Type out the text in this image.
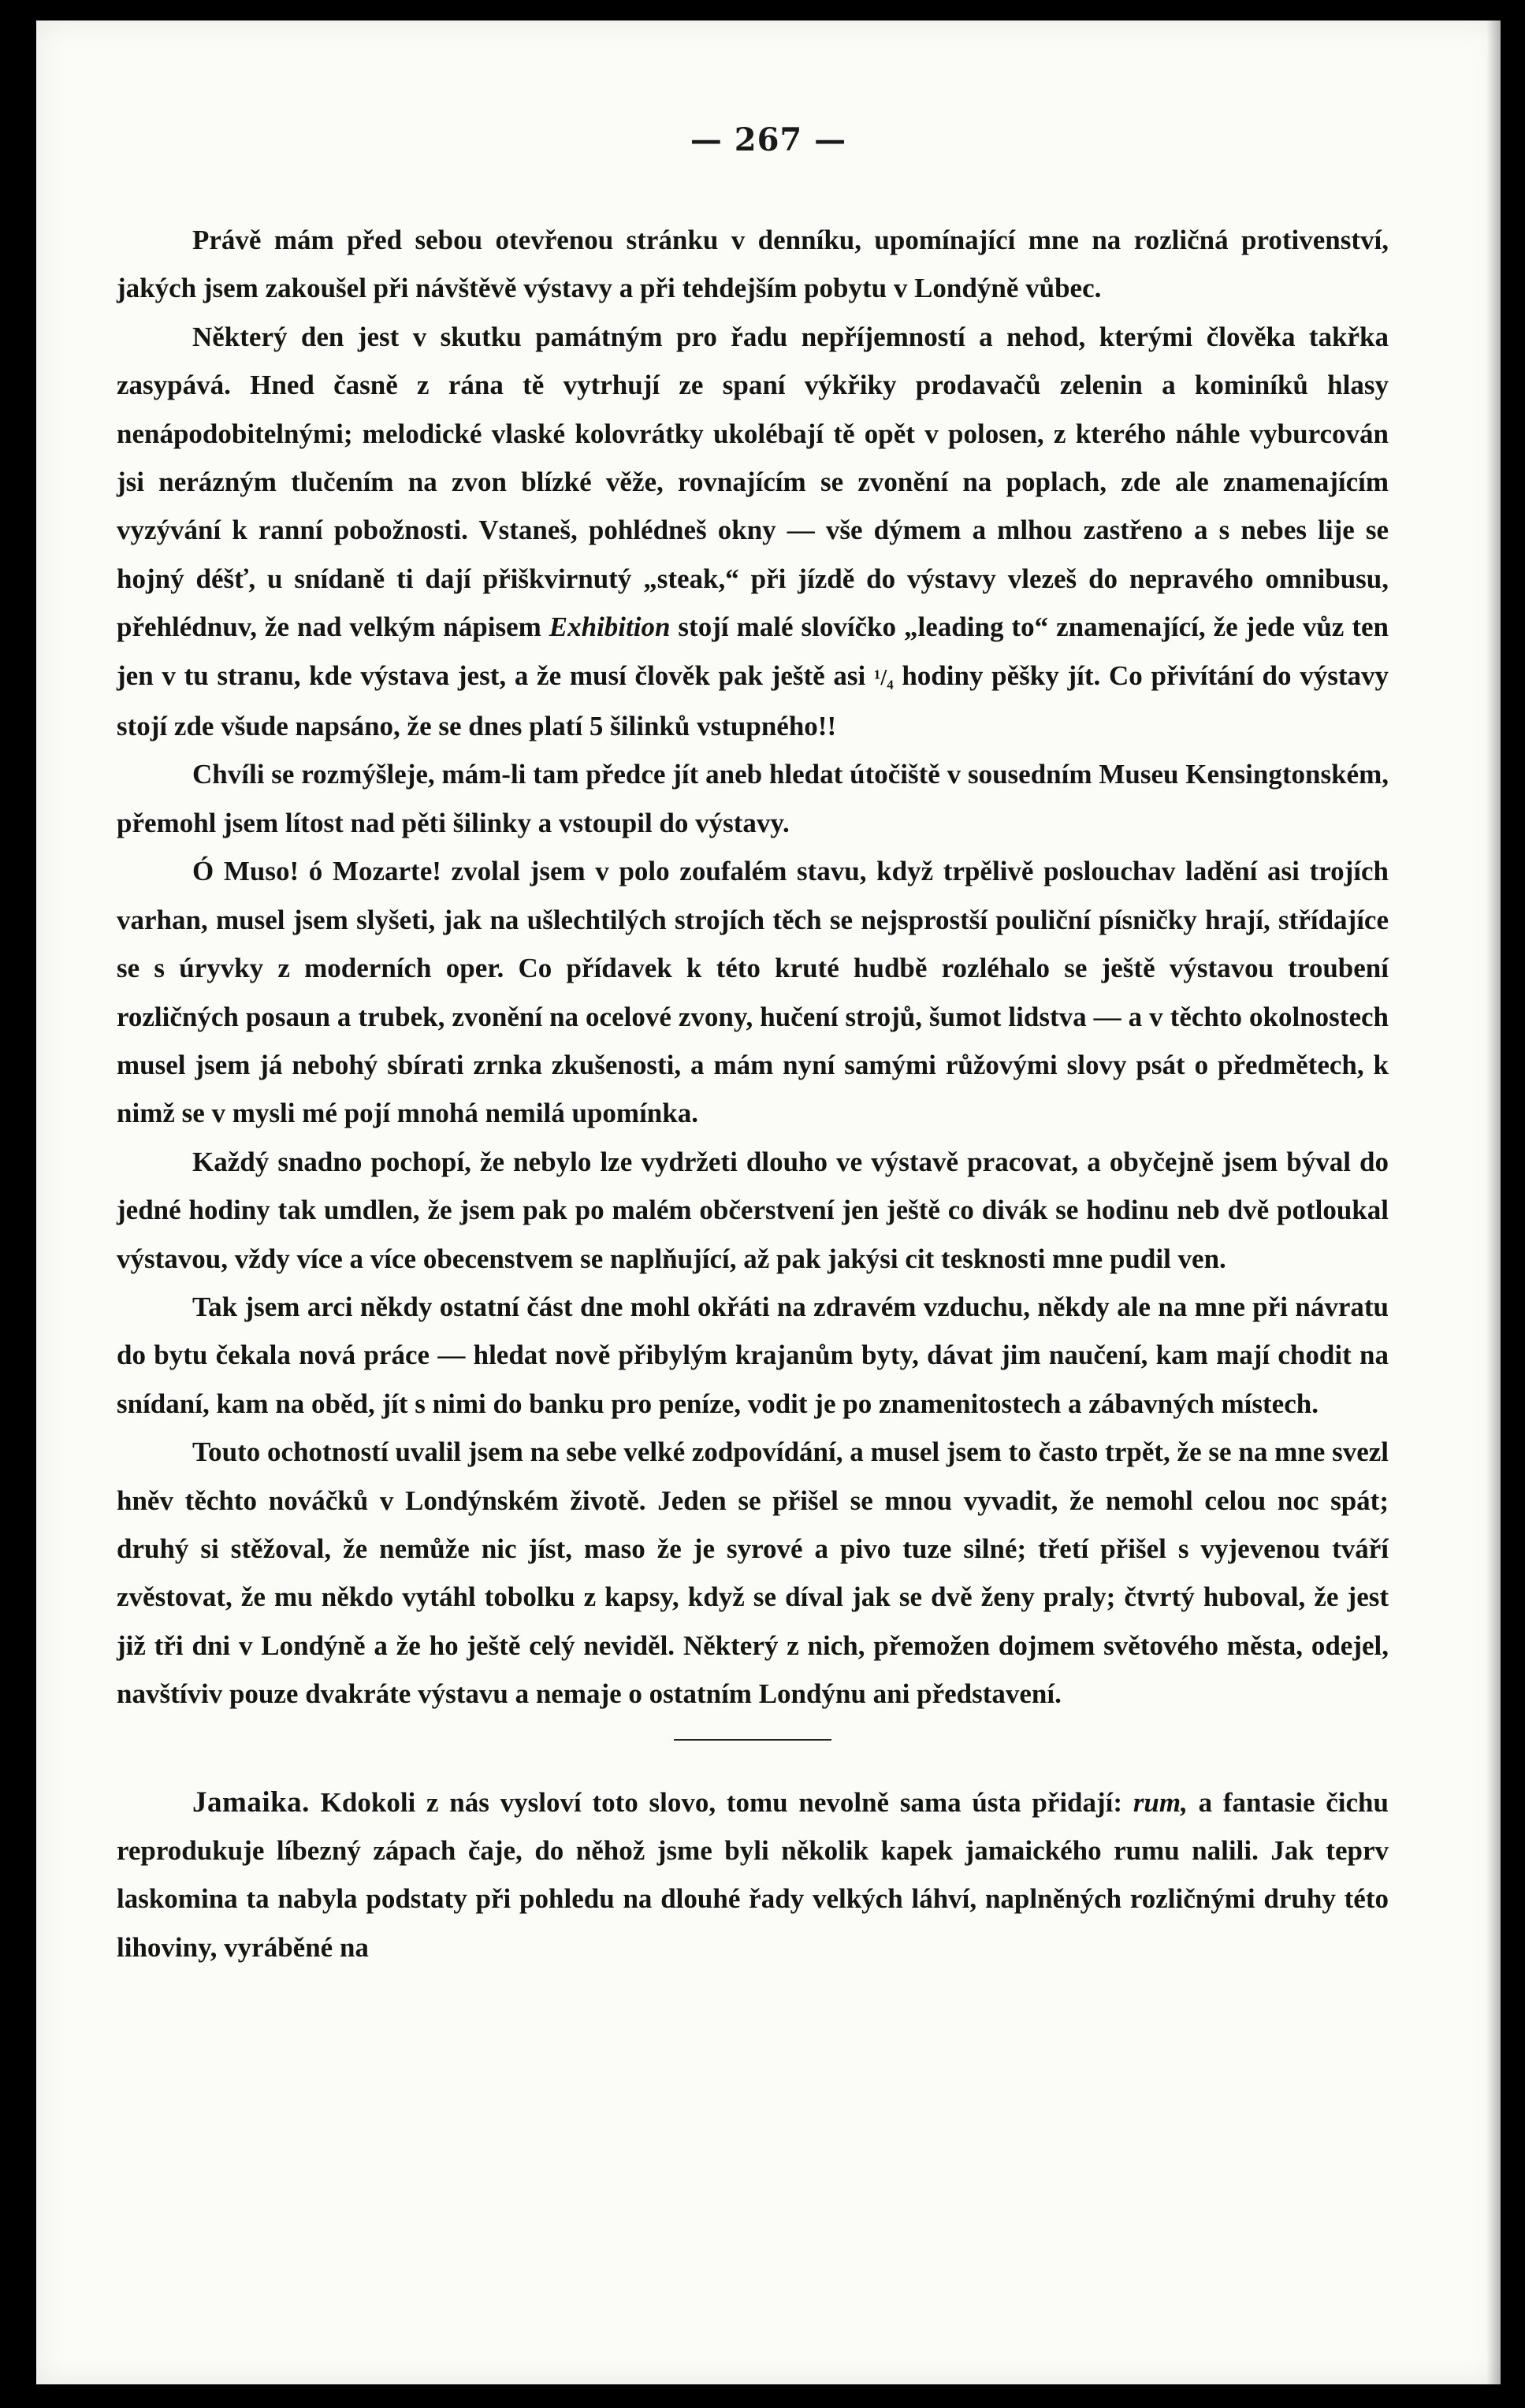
— 267 —

Právě mám před sebou otevřenou stránku v denníku, upomínající mne na rozličná protivenství, jakých jsem zakoušel při návštěvě výstavy a při tehdejším pobytu v Londýně vůbec.

Některý den jest v skutku památným pro řadu nepříjemností a nehod, kterými člověka takřka zasypává. Hned časně z rána tě vytrhují ze spaní výkřiky prodavačů zelenin a kominíků hlasy nenápodobitelnými; melodické vlaské kolovrátky ukolébají tě opět v polosen, z kterého náhle vyburcován jsi nerázným tlučením na zvon blízké věže, rovnajícím se zvonění na poplach, zde ale znamenajícím vyzývání k ranní pobožnosti. Vstaneš, pohlédneš okny — vše dýmem a mlhou zastřeno a s nebes lije se hojný déšť, u snídaně ti dají přiškvirnutý „steak,“ při jízdě do výstavy vlezeš do nepravého omnibusu, přehlédnuv, že nad velkým nápisem Exhibition stojí malé slovíčko „leading to“ znamenající, že jede vůz ten jen v tu stranu, kde výstava jest, a že musí člověk pak ještě asi ¹/₄ hodiny pěšky jít. Co přivítání do výstavy stojí zde všude napsáno, že se dnes platí 5 šilinků vstupného!!

Chvíli se rozmýšleje, mám-li tam předce jít aneb hledat útočiště v sousedním Museu Kensingtonském, přemohl jsem lítost nad pěti šilinky a vstoupil do výstavy.

Ó Muso! ó Mozarte! zvolal jsem v polo zoufalém stavu, když trpělivě poslouchav ladění asi trojích varhan, musel jsem slyšeti, jak na ušlechtilých strojích těch se nejsprostší pouliční písničky hrají, střídajíce se s úryvky z moderních oper. Co přídavek k této kruté hudbě rozléhalo se ještě výstavou troubení rozličných posaun a trubek, zvonění na ocelové zvony, hučení strojů, šumot lidstva — a v těchto okolnostech musel jsem já nebohý sbírati zrnka zkušenosti, a mám nyní samými růžovými slovy psát o předmětech, k nimž se v mysli mé pojí mnohá nemilá upomínka.

Každý snadno pochopí, že nebylo lze vydržeti dlouho ve výstavě pracovat, a obyčejně jsem býval do jedné hodiny tak umdlen, že jsem pak po malém občerstvení jen ještě co divák se hodinu neb dvě potloukal výstavou, vždy více a více obecenstvem se naplňující, až pak jakýsi cit tesknosti mne pudil ven.

Tak jsem arci někdy ostatní část dne mohl okřáti na zdravém vzduchu, někdy ale na mne při návratu do bytu čekala nová práce — hledat nově přibylým krajanům byty, dávat jim naučení, kam mají chodit na snídaní, kam na oběd, jít s nimi do banku pro peníze, vodit je po znamenitostech a zábavných místech.

Touto ochotností uvalil jsem na sebe velké zodpovídání, a musel jsem to často trpět, že se na mne svezl hněv těchto nováčků v Londýnském životě. Jeden se přišel se mnou vyvadit, že nemohl celou noc spát; druhý si stěžoval, že nemůže nic jíst, maso že je syrové a pivo tuze silné; třetí přišel s vyjevenou tváří zvěstovat, že mu někdo vytáhl tobolku z kapsy, když se díval jak se dvě ženy praly; čtvrtý huboval, že jest již tři dni v Londýně a že ho ještě celý neviděl. Některý z nich, přemožen dojmem světového města, odejel, navštíviv pouze dvakráte výstavu a nemaje o ostatním Londýnu ani představení.

Jamaika. Kdokoli z nás vysloví toto slovo, tomu nevolně sama ústa přidají: rum, a fantasie čichu reprodukuje líbezný zápach čaje, do něhož jsme byli několik kapek jamaického rumu nalili. Jak teprv laskomina ta nabyla podstaty při pohledu na dlouhé řady velkých láhví, naplněných rozličnými druhy této lihoviny, vyráběné na
